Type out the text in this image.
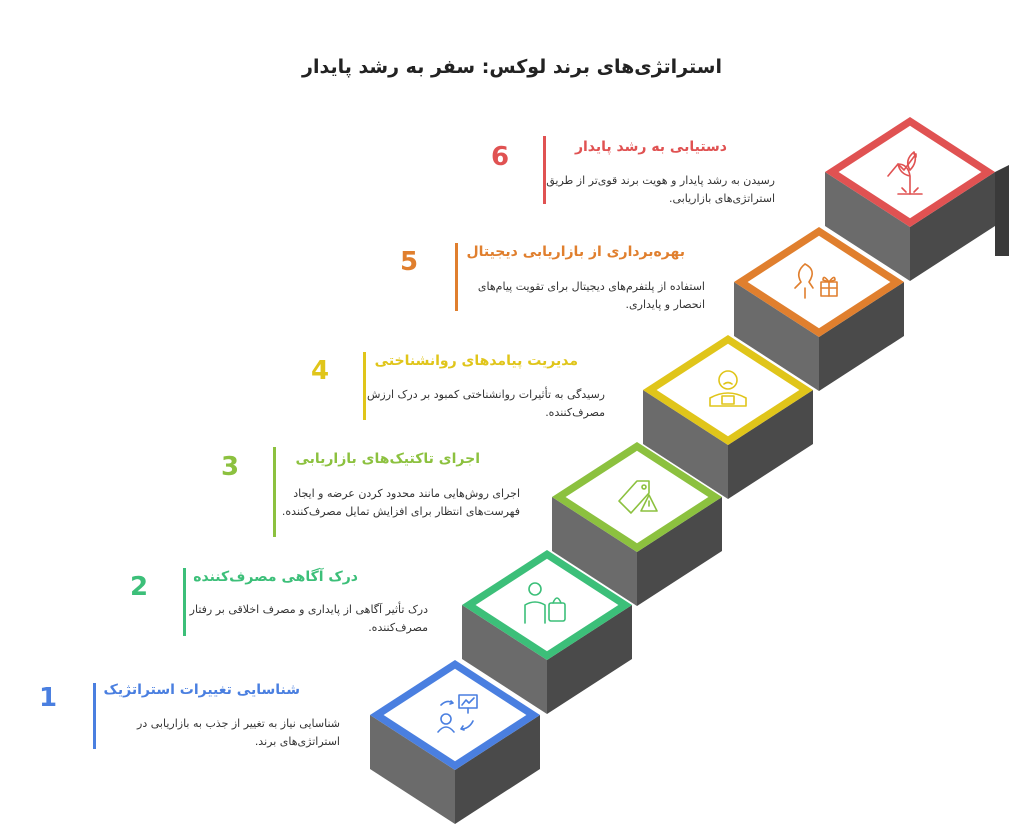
استراتژی‌های برند لوکس: سفر به رشد پایدار
1	شناسایی تغییرات استراتژیک
شناسایی نیاز به تغییر از جذب به بازاریابی در استراتژی‌های برند.
2	درک آگاهی مصرف‌کننده
درک تأثیر آگاهی از پایداری و مصرف اخلاقی بر رفتار مصرف‌کننده.
3	اجرای تاکتیک‌های بازاریابی
اجرای روش‌هایی مانند محدود کردن عرضه و ایجاد فهرست‌های انتظار برای افزایش تمایل مصرف‌کننده.
4	مدیریت پیامدهای روانشناختی
رسیدگی به تأثیرات روانشناختی کمبود بر درک ارزش مصرف‌کننده.
5	بهره‌برداری از بازاریابی دیجیتال
استفاده از پلتفرم‌های دیجیتال برای تقویت پیام‌های انحصار و پایداری.
6	دستیابی به رشد پایدار
رسیدن به رشد پایدار و هویت برند قوی‌تر از طریق استراتژی‌های بازاریابی.
